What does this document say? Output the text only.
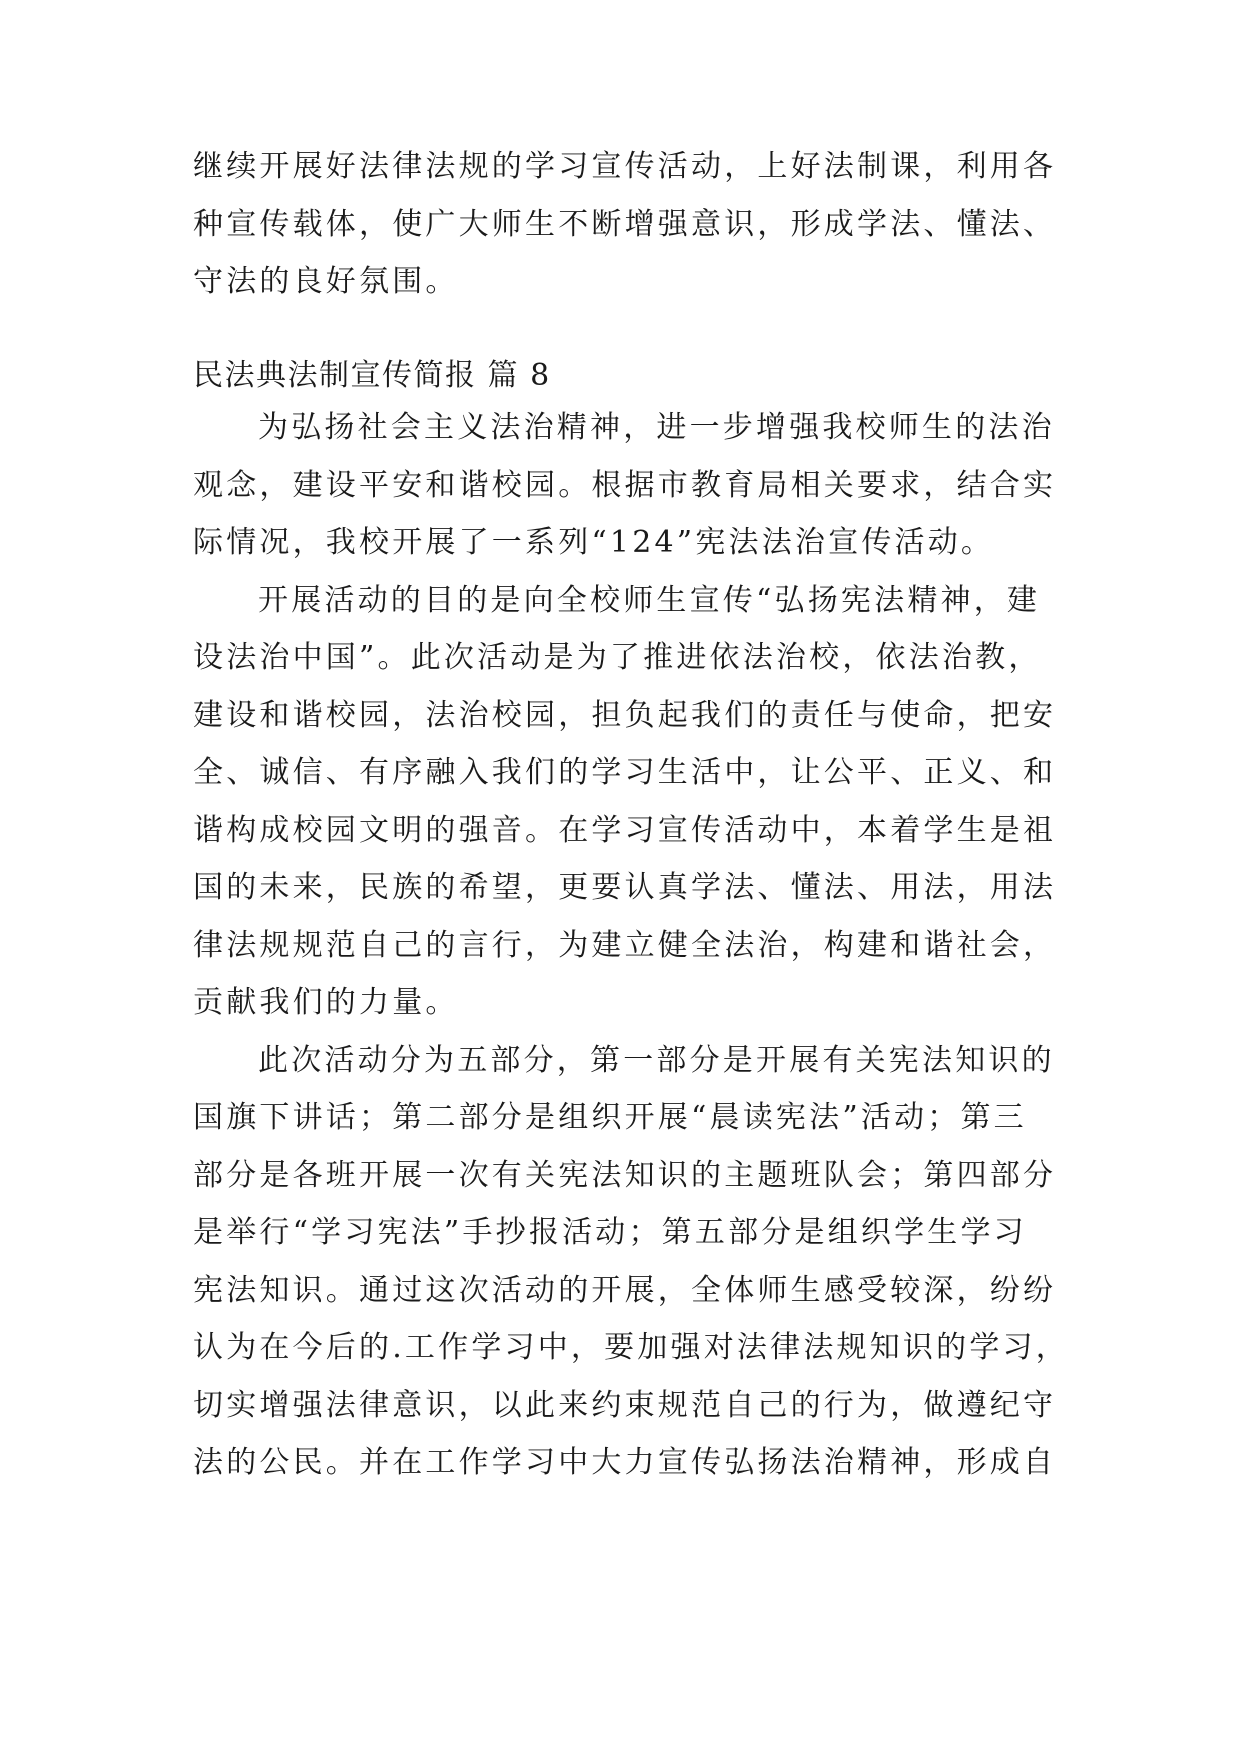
继续开展好法律法规的学习宣传活动，上好法制课，利用各
种宣传载体，使广大师生不断增强意识，形成学法、懂法、
守法的良好氛围。
民法典法制宣传简报 篇 8
为弘扬社会主义法治精神，进一步增强我校师生的法治
观念，建设平安和谐校园。根据市教育局相关要求，结合实
际情况，我校开展了一系列“124”宪法法治宣传活动。
开展活动的目的是向全校师生宣传“弘扬宪法精神，建
设法治中国”。此次活动是为了推进依法治校，依法治教，
建设和谐校园，法治校园，担负起我们的责任与使命，把安
全、诚信、有序融入我们的学习生活中，让公平、正义、和
谐构成校园文明的强音。在学习宣传活动中，本着学生是祖
国的未来，民族的希望，更要认真学法、懂法、用法，用法
律法规规范自己的言行，为建立健全法治，构建和谐社会，
贡献我们的力量。
此次活动分为五部分，第一部分是开展有关宪法知识的
国旗下讲话；第二部分是组织开展“晨读宪法”活动；第三
部分是各班开展一次有关宪法知识的主题班队会；第四部分
是举行“学习宪法”手抄报活动；第五部分是组织学生学习
宪法知识。通过这次活动的开展，全体师生感受较深，纷纷
认为在今后的.工作学习中，要加强对法律法规知识的学习，
切实增强法律意识，以此来约束规范自己的行为，做遵纪守
法的公民。并在工作学习中大力宣传弘扬法治精神，形成自
